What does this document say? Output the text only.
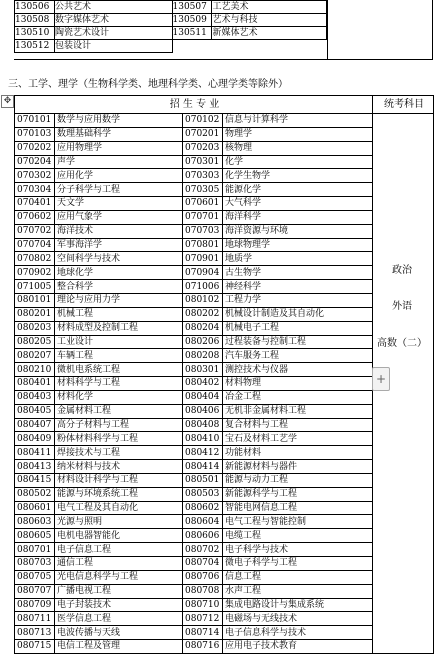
130506	公共艺术	130507	工艺美术
130508	数字媒体艺术	130509	艺术与科技
130510	陶瓷艺术设计	130511	新媒体艺术
130512	包装设计		
三、工学、理学（生物科学类、地理科学类、心理学类等除外）
招 生 专 业				统考科目
070101	数学与应用数学	070102	信息与计算科学	
070103	数理基础科学	070201	物理学	
070202	应用物理学	070203	核物理	
070204	声学	070301	化学	
070302	应用化学	070303	化学生物学	
070304	分子科学与工程	070305	能源化学	
070401	天文学	070601	大气科学	
070602	应用气象学	070701	海洋科学	
070702	海洋技术	070703	海洋资源与环境	
070704	军事海洋学	070801	地球物理学	
070802	空间科学与技术	070901	地质学	
070902	地球化学	070904	古生物学	
071005	整合科学	071006	神经科学	
080101	理论与应用力学	080102	工程力学	
080201	机械工程	080202	机械设计制造及其自动化	
080203	材料成型及控制工程	080204	机械电子工程	
080205	工业设计	080206	过程装备与控制工程	
080207	车辆工程	080208	汽车服务工程	
080210	微机电系统工程	080301	测控技术与仪器	
080401	材料科学与工程	080402	材料物理	
080403	材料化学	080404	冶金工程	
080405	金属材料工程	080406	无机非金属材料工程	
080407	高分子材料与工程	080408	复合材料与工程	
080409	粉体材料科学与工程	080410	宝石及材料工艺学	
080411	焊接技术与工程	080412	功能材料	
080413	纳米材料与技术	080414	新能源材料与器件	
080415	材料设计科学与工程	080501	能源与动力工程	
080502	能源与环境系统工程	080503	新能源科学与工程	
080601	电气工程及其自动化	080602	智能电网信息工程	
080603	光源与照明	080604	电气工程与智能控制	
080605	电机电器智能化	080606	电缆工程	
080701	电子信息工程	080702	电子科学与技术	
080703	通信工程	080704	微电子科学与工程	
080705	光电信息科学与工程	080706	信息工程	
080707	广播电视工程	080708	水声工程	
080709	电子封装技术	080710	集成电路设计与集成系统	
080711	医学信息工程	080712	电磁场与无线技术	
080713	电波传播与天线	080714	电子信息科学与技术	
080715	电信工程及管理	080716	应用电子技术教育	
✥
政治
外语
高数（二）
+
